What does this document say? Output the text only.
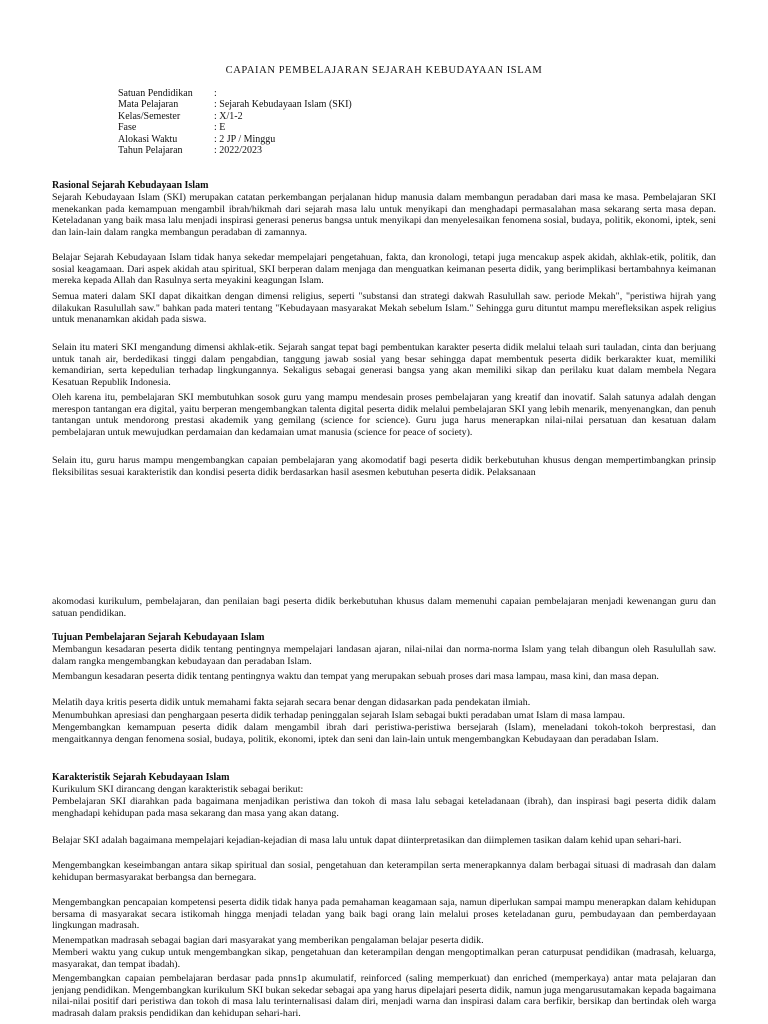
CAPAIAN PEMBELAJARAN SEJARAH KEBUDAYAAN ISLAM
Satuan Pendidikan :
Mata Pelajaran	: Sejarah Kebudayaan Islam (SKI)
Kelas/Semester	: X/1-2
Fase	: E
Alokasi Waktu	: 2 JP / Minggu
Tahun Pelajaran	: 2022/2023
Rasional Sejarah Kebudayaan Islam

Sejarah Kebudayaan Islam (SKI) merupakan catatan perkembangan perjalanan hidup manusia dalam membangun peradaban dari masa ke masa. Pembelajaran SKI menekankan pada kemampuan mengambil ibrah/hikmah dari sejarah masa lalu untuk menyikapi dan menghadapi permasalahan masa sekarang serta masa depan. Keteladanan yang baik masa lalu menjadi inspirasi generasi penerus bangsa untuk menyikapi dan menyelesaikan fenomena sosial, budaya, politik, ekonomi, iptek, seni dan lain-lain dalam rangka membangun peradaban di zamannya.

Belajar Sejarah Kebudayaan Islam tidak hanya sekedar mempelajari pengetahuan, fakta, dan kronologi, tetapi juga mencakup aspek akidah, akhlak-etik, politik, dan sosial keagamaan. Dari aspek akidah atau spiritual, SKI berperan dalam menjaga dan menguatkan keimanan peserta didik, yang berimplikasi bertambahnya keimanan mereka kepada Allah dan Rasulnya serta meyakini keagungan Islam.

Semua materi dalam SKI dapat dikaitkan dengan dimensi religius, seperti "substansi dan strategi dakwah Rasulullah saw. periode Mekah", "peristiwa hijrah yang dilakukan Rasulullah saw." bahkan pada materi tentang "Kebudayaan masyarakat Mekah sebelum Islam." Sehingga guru dituntut mampu merefleksikan aspek religius untuk menanamkan akidah pada siswa.

Selain itu materi SKI mengandung dimensi akhlak-etik. Sejarah sangat tepat bagi pembentukan karakter peserta didik melalui telaah suri tauladan, cinta dan berjuang untuk tanah air, berdedikasi tinggi dalam pengabdian, tanggung jawab sosial yang besar sehingga dapat membentuk peserta didik berkarakter kuat, memiliki kemandirian, serta kepedulian terhadap lingkungannya. Sekaligus sebagai generasi bangsa yang akan memiliki sikap dan perilaku kuat dalam membela Negara Kesatuan Republik Indonesia.

Oleh karena itu, pembelajaran SKI membutuhkan sosok guru yang mampu mendesain proses pembelajaran yang kreatif dan inovatif. Salah satunya adalah dengan merespon tantangan era digital, yaitu berperan mengembangkan talenta digital peserta didik melalui pembelajaran SKI yang lebih menarik, menyenangkan, dan penuh tantangan untuk mendorong prestasi akademik yang gemilang (science for science). Guru juga harus menerapkan nilai-nilai persatuan dan kesatuan dalam pembelajaran untuk mewujudkan perdamaian dan kedamaian umat manusia (science for peace of society).

Selain itu, guru harus mampu mengembangkan capaian pembelajaran yang akomodatif bagi peserta didik berkebutuhan khusus dengan mempertimbangkan prinsip fleksibilitas sesuai karakteristik dan kondisi peserta didik berdasarkan hasil asesmen kebutuhan peserta didik. Pelaksanaan

akomodasi kurikulum, pembelajaran, dan penilaian bagi peserta didik berkebutuhan khusus dalam memenuhi capaian pembelajaran menjadi kewenangan guru dan satuan pendidikan.

Tujuan Pembelajaran Sejarah Kebudayaan Islam

Membangun kesadaran peserta didik tentang pentingnya mempelajari landasan ajaran, nilai-nilai dan norma-norma Islam yang telah dibangun oleh Rasulullah saw. dalam rangka mengembangkan kebudayaan dan peradaban Islam.

Membangun kesadaran peserta didik tentang pentingnya waktu dan tempat yang merupakan sebuah proses dari masa lampau, masa kini, dan masa depan.

Melatih daya kritis peserta didik untuk memahami fakta sejarah secara benar dengan didasarkan pada pendekatan ilmiah.

Menumbuhkan apresiasi dan penghargaan peserta didik terhadap peninggalan sejarah Islam sebagai bukti peradaban umat Islam di masa lampau.

Mengembangkan kemampuan peserta didik dalam mengambil ibrah dari peristiwa-peristiwa bersejarah (Islam), meneladani tokoh-tokoh berprestasi, dan mengaitkannya dengan fenomena sosial, budaya, politik, ekonomi, iptek dan seni dan lain-lain untuk mengembangkan Kebudayaan dan peradaban Islam.

Karakteristik Sejarah Kebudayaan Islam

Kurikulum SKI dirancang dengan karakteristik sebagai berikut:

Pembelajaran SKI diarahkan pada bagaimana menjadikan peristiwa dan tokoh di masa lalu sebagai keteladanaan (ibrah), dan inspirasi bagi peserta didik dalam menghadapi kehidupan pada masa sekarang dan masa yang akan datang.

Belajar SKI adalah bagaimana mempelajari kejadian-kejadian di masa lalu untuk dapat diinterpretasikan dan diimplemen tasikan dalam kehid upan sehari-hari.

Mengembangkan keseimbangan antara sikap spiritual dan sosial, pengetahuan dan keterampilan serta menerapkannya dalam berbagai situasi di madrasah dan dalam kehidupan bermasyarakat berbangsa dan bernegara.

Mengembangkan pencapaian kompetensi peserta didik tidak hanya pada pemahaman keagamaan saja, namun diperlukan sampai mampu menerapkan dalam kehidupan bersama di masyarakat secara istikomah hingga menjadi teladan yang baik bagi orang lain melalui proses keteladanan guru, pembudayaan dan pemberdayaan lingkungan madrasah.

Menempatkan madrasah sebagai bagian dari masyarakat yang memberikan pengalaman belajar peserta didik.

Memberi waktu yang cukup untuk mengembangkan sikap, pengetahuan dan keterampilan dengan mengoptimalkan peran caturpusat pendidikan (madrasah, keluarga, masyarakat, dan tempat ibadah).

Mengembangkan capaian pembelajaran berdasar pada pnns1p akumulatif, reinforced (saling memperkuat) dan enriched (memperkaya) antar mata pelajaran dan jenjang pendidikan. Mengembangkan kurikulum SKI bukan sekedar sebagai apa yang harus dipelajari peserta didik, namun juga mengarusutamakan kepada bagaimana nilai-nilai positif dari peristiwa dan tokoh di masa lalu terinternalisasi dalam diri, menjadi warna dan inspirasi dalam cara berfikir, bersikap dan bertindak oleh warga madrasah dalam praksis pendidikan dan kehidupan sehari-hari.
